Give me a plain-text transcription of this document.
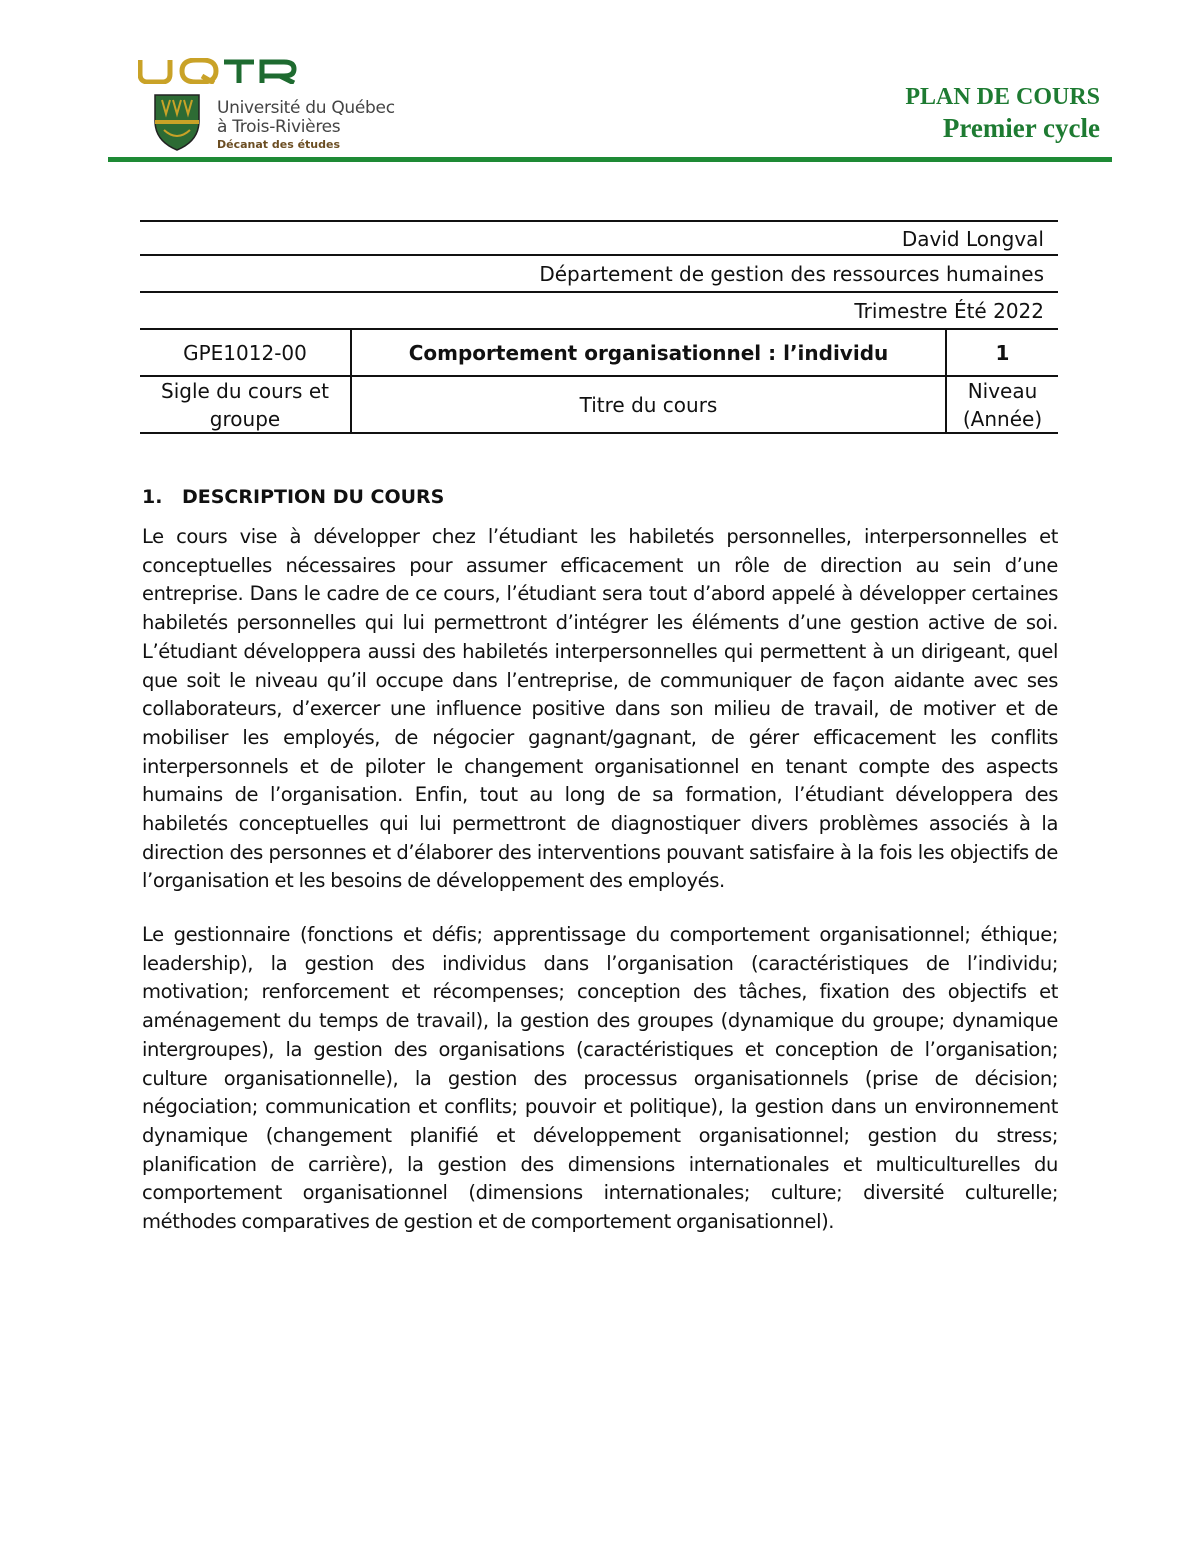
Université du Québec
à Trois-Rivières
Décanat des études
PLAN DE COURS
Premier cycle
David Longval
Département de gestion des ressources humaines
Trimestre Été 2022
GPE1012-00	Comportement organisationnel : l’individu	1
Sigle du cours et groupe
Titre du cours
Niveau (Année)
1. DESCRIPTION DU COURS

Le cours vise à développer chez l’étudiant les habiletés personnelles, interpersonnelles et conceptuelles nécessaires pour assumer efficacement un rôle de direction au sein d’une entreprise. Dans le cadre de ce cours, l’étudiant sera tout d’abord appelé à développer certaines habiletés personnelles qui lui permettront d’intégrer les éléments d’une gestion active de soi. L’étudiant développera aussi des habiletés interpersonnelles qui permettent à un dirigeant, quel que soit le niveau qu’il occupe dans l’entreprise, de communiquer de façon aidante avec ses collaborateurs, d’exercer une influence positive dans son milieu de travail, de motiver et de mobiliser les employés, de négocier gagnant/gagnant, de gérer efficacement les conflits interpersonnels et de piloter le changement organisationnel en tenant compte des aspects humains de l’organisation. Enfin, tout au long de sa formation, l’étudiant développera des habiletés conceptuelles qui lui permettront de diagnostiquer divers problèmes associés à la direction des personnes et d’élaborer des interventions pouvant satisfaire à la fois les objectifs de l’organisation et les besoins de développement des employés.

Le gestionnaire (fonctions et défis; apprentissage du comportement organisationnel; éthique; leadership), la gestion des individus dans l’organisation (caractéristiques de l’individu; motivation; renforcement et récompenses; conception des tâches, fixation des objectifs et aménagement du temps de travail), la gestion des groupes (dynamique du groupe; dynamique intergroupes), la gestion des organisations (caractéristiques et conception de l’organisation; culture organisationnelle), la gestion des processus organisationnels (prise de décision; négociation; communication et conflits; pouvoir et politique), la gestion dans un environnement dynamique (changement planifié et développement organisationnel; gestion du stress; planification de carrière), la gestion des dimensions internationales et multiculturelles du comportement organisationnel (dimensions internationales; culture; diversité culturelle; méthodes comparatives de gestion et de comportement organisationnel).
